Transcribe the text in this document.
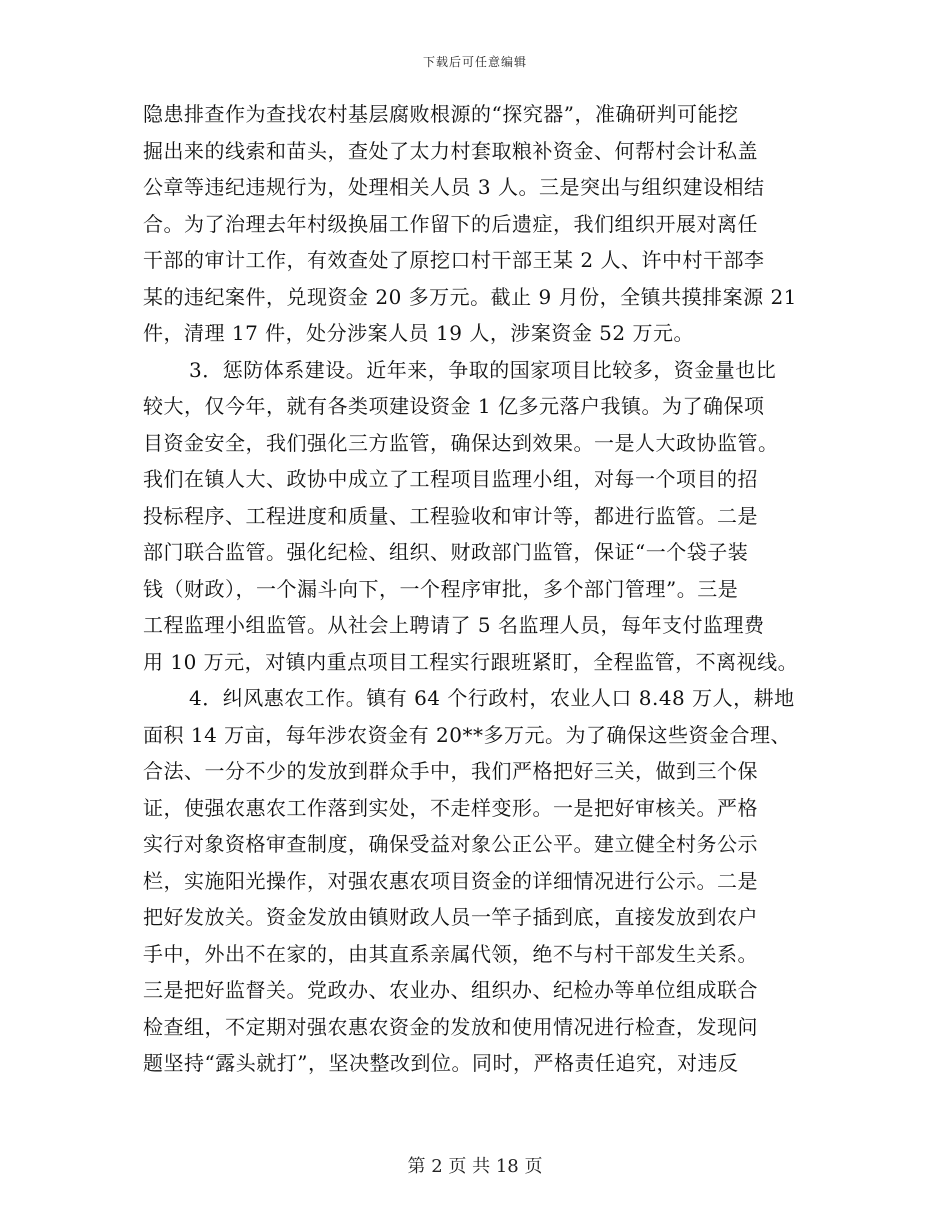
下载后可任意编辑
隐患排查作为查找农村基层腐败根源的“探究器”，准确研判可能挖
掘出来的线索和苗头，查处了太力村套取粮补资金、何帮村会计私盖
公章等违纪违规行为，处理相关人员 3 人。三是突出与组织建设相结
合。为了治理去年村级换届工作留下的后遗症，我们组织开展对离任
干部的审计工作，有效查处了原挖口村干部王某 2 人、许中村干部李
某的违纪案件，兑现资金 20 多万元。截止 9 月份，全镇共摸排案源 21
件，清理 17 件，处分涉案人员 19 人，涉案资金 52 万元。
3．惩防体系建设。近年来，争取的国家项目比较多，资金量也比
较大，仅今年，就有各类项建设资金 1 亿多元落户我镇。为了确保项
目资金安全，我们强化三方监管，确保达到效果。一是人大政协监管。
我们在镇人大、政协中成立了工程项目监理小组，对每一个项目的招
投标程序、工程进度和质量、工程验收和审计等，都进行监管。二是
部门联合监管。强化纪检、组织、财政部门监管，保证“一个袋子装
钱（财政），一个漏斗向下，一个程序审批，多个部门管理”。三是
工程监理小组监管。从社会上聘请了 5 名监理人员，每年支付监理费
用 10 万元，对镇内重点项目工程实行跟班紧盯，全程监管，不离视线。
4．纠风惠农工作。镇有 64 个行政村，农业人口 8.48 万人，耕地
面积 14 万亩，每年涉农资金有 20**多万元。为了确保这些资金合理、
合法、一分不少的发放到群众手中，我们严格把好三关，做到三个保
证，使强农惠农工作落到实处，不走样变形。一是把好审核关。严格
实行对象资格审查制度，确保受益对象公正公平。建立健全村务公示
栏，实施阳光操作，对强农惠农项目资金的详细情况进行公示。二是
把好发放关。资金发放由镇财政人员一竿子插到底，直接发放到农户
手中，外出不在家的，由其直系亲属代领，绝不与村干部发生关系。
三是把好监督关。党政办、农业办、组织办、纪检办等单位组成联合
检查组，不定期对强农惠农资金的发放和使用情况进行检查，发现问
题坚持“露头就打”，坚决整改到位。同时，严格责任追究，对违反
第 2 页 共 18 页
